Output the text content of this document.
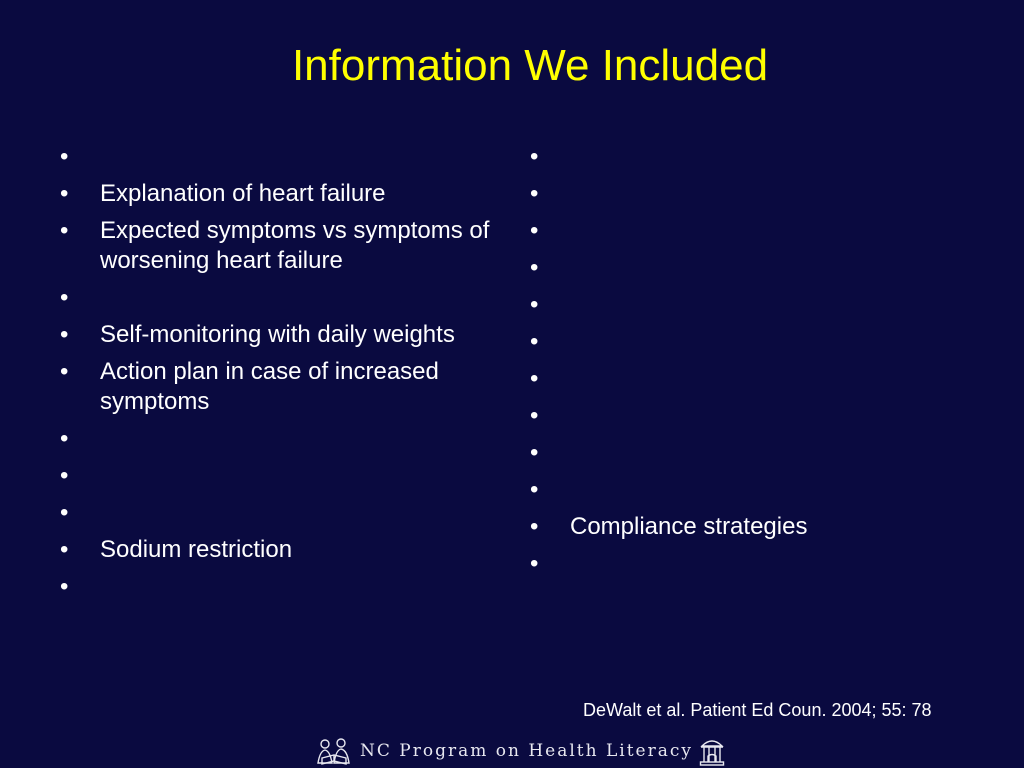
Information We Included
•
•	Explanation of heart failure
•	Expected symptoms vs symptoms of worsening heart failure
•
•	Self-monitoring with daily weights
•	Action plan in case of increased symptoms
•
•
•
•	Sodium restriction
•
•
•
•
•
•
•
•
•
•
•
•	Compliance strategies
•
DeWalt et al. Patient Ed Coun. 2004; 55: 78
NC Program on Health Literacy
